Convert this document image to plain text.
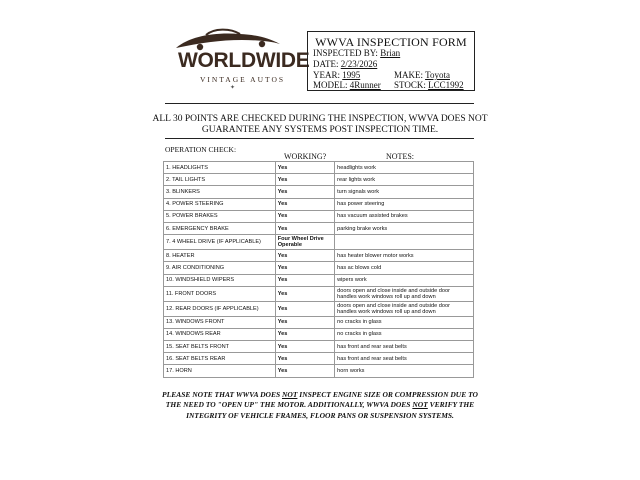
WORLDWIDE
VINTAGE AUTOS
✦
WWVA INSPECTION FORM
INSPECTED BY: Brian
DATE: 2/23/2026
YEAR: 1995	MAKE: Toyota
MODEL: 4Runner STOCK: LCC1992
ALL 30 POINTS ARE CHECKED DURING THE INSPECTION, WWVA DOES NOT
GUARANTEE ANY SYSTEMS POST INSPECTION TIME.
OPERATION CHECK:
WORKING?	NOTES:
1. HEADLIGHTS	Yes	headlights work
2. TAIL LIGHTS	Yes	rear lights work
3. BLINKERS	Yes	turn signals work
4. POWER STEERING	Yes	has power steering
5. POWER BRAKES	Yes	has vacuum assisted brakes
6. EMERGENCY BRAKE	Yes	parking brake works
7. 4 WHEEL DRIVE (IF APPLICABLE)	Four Wheel Drive Operable	
8. HEATER	Yes	has heater blower motor works
9. AIR CONDITIONING	Yes	has ac blows cold
10. WINDSHIELD WIPERS	Yes	wipers work
11. FRONT DOORS	Yes	doors open and close inside and outside door handles work windows roll up and down
12. REAR DOORS (IF APPLICABLE)	Yes	doors open and close inside and outside door handles work windows roll up and down
13. WINDOWS FRONT	Yes	no cracks in glass
14. WINDOWS REAR	Yes	no cracks in glass
15. SEAT BELTS FRONT	Yes	has front and rear seat belts
16. SEAT BELTS REAR	Yes	has front and rear seat belts
17. HORN	Yes	horn works
PLEASE NOTE THAT WWVA DOES NOT INSPECT ENGINE SIZE OR COMPRESSION DUE TO THE NEED TO "OPEN UP" THE MOTOR. ADDITIONALLY, WWVA DOES NOT VERIFY THE INTEGRITY OF VEHICLE FRAMES, FLOOR PANS OR SUSPENSION SYSTEMS.
